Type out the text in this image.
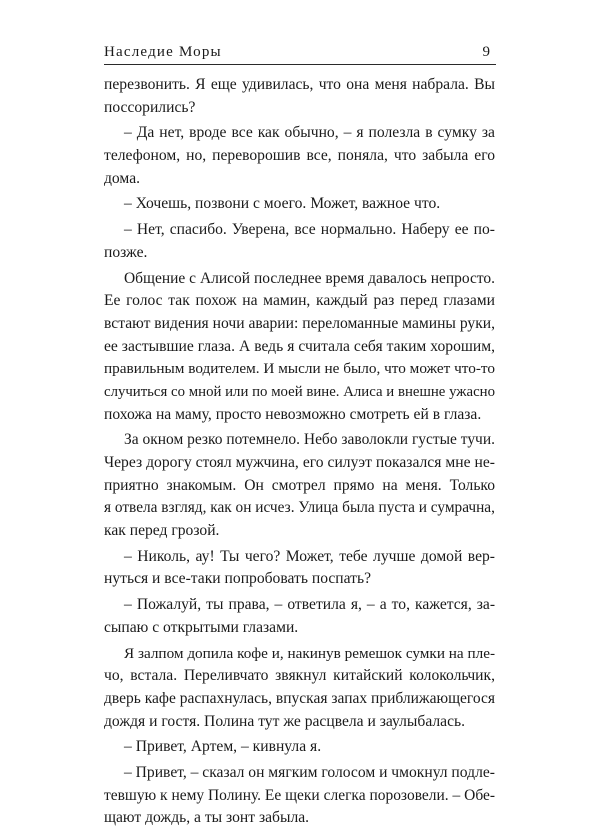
Наследие Моры	9
перезвонить. Я еще удивилась, что она меня набрала. Вы
поссорились?
– Да нет, вроде все как обычно, – я полезла в сумку за
телефоном, но, переворошив все, поняла, что забыла его
дома.
– Хочешь, позвони с моего. Может, важное что.
– Нет, спасибо. Уверена, все нормально. Наберу ее по-
позже.
Общение с Алисой последнее время давалось непросто.
Ее голос так похож на мамин, каждый раз перед глазами
встают видения ночи аварии: переломанные мамины руки,
ее застывшие глаза. А ведь я считала себя таким хорошим,
правильным водителем. И мысли не было, что может что-то
случиться со мной или по моей вине. Алиса и внешне ужасно
похожа на маму, просто невозможно смотреть ей в глаза.
За окном резко потемнело. Небо заволокли густые тучи.
Через дорогу стоял мужчина, его силуэт показался мне не-
приятно знакомым. Он смотрел прямо на меня. Только
я отвела взгляд, как он исчез. Улица была пуста и сумрачна,
как перед грозой.
– Николь, ау! Ты чего? Может, тебе лучше домой вер-
нуться и все-таки попробовать поспать?
– Пожалуй, ты права, – ответила я, – а то, кажется, за-
сыпаю с открытыми глазами.
Я залпом допила кофе и, накинув ремешок сумки на пле-
чо, встала. Переливчато звякнул китайский колокольчик,
дверь кафе распахнулась, впуская запах приближающегося
дождя и гостя. Полина тут же расцвела и заулыбалась.
– Привет, Артем, – кивнула я.
– Привет, – сказал он мягким голосом и чмокнул подле-
тевшую к нему Полину. Ее щеки слегка порозовели. – Обе-
щают дождь, а ты зонт забыла.
